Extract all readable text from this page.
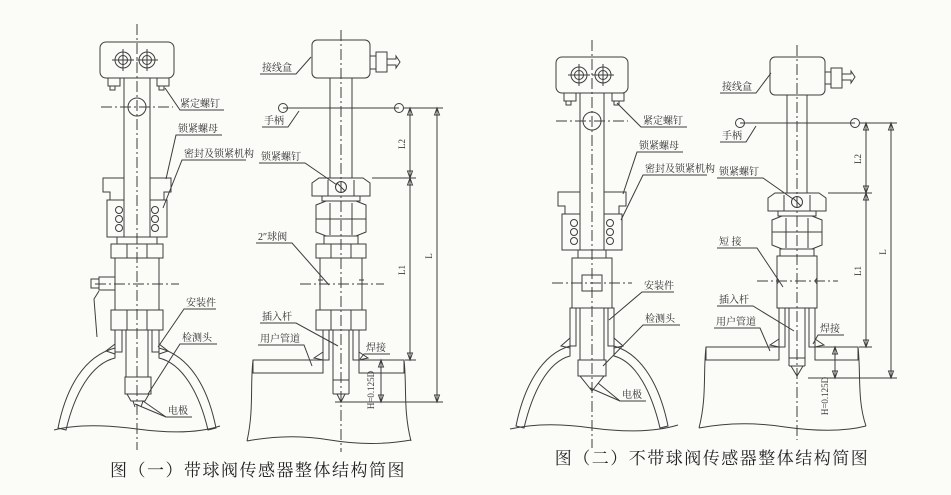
紧定螺钉
锁紧螺母
密封及锁紧机构
安装件
检测头
电极
L2
L1
L
H=0.125D
接线盒
手柄
锁紧螺钉
2″球阀
插入杆
用户管道
焊接
图（一）带球阀传感器整体结构简图
紧定螺钉
锁紧螺母
密封及锁紧机构
安装件
检测头
电极
L2
L1
L
H=0.125D
接线盒
手柄
锁紧螺钉
短 接
插入杆
用户管道
焊接
图（二）不带球阀传感器整体结构简图
